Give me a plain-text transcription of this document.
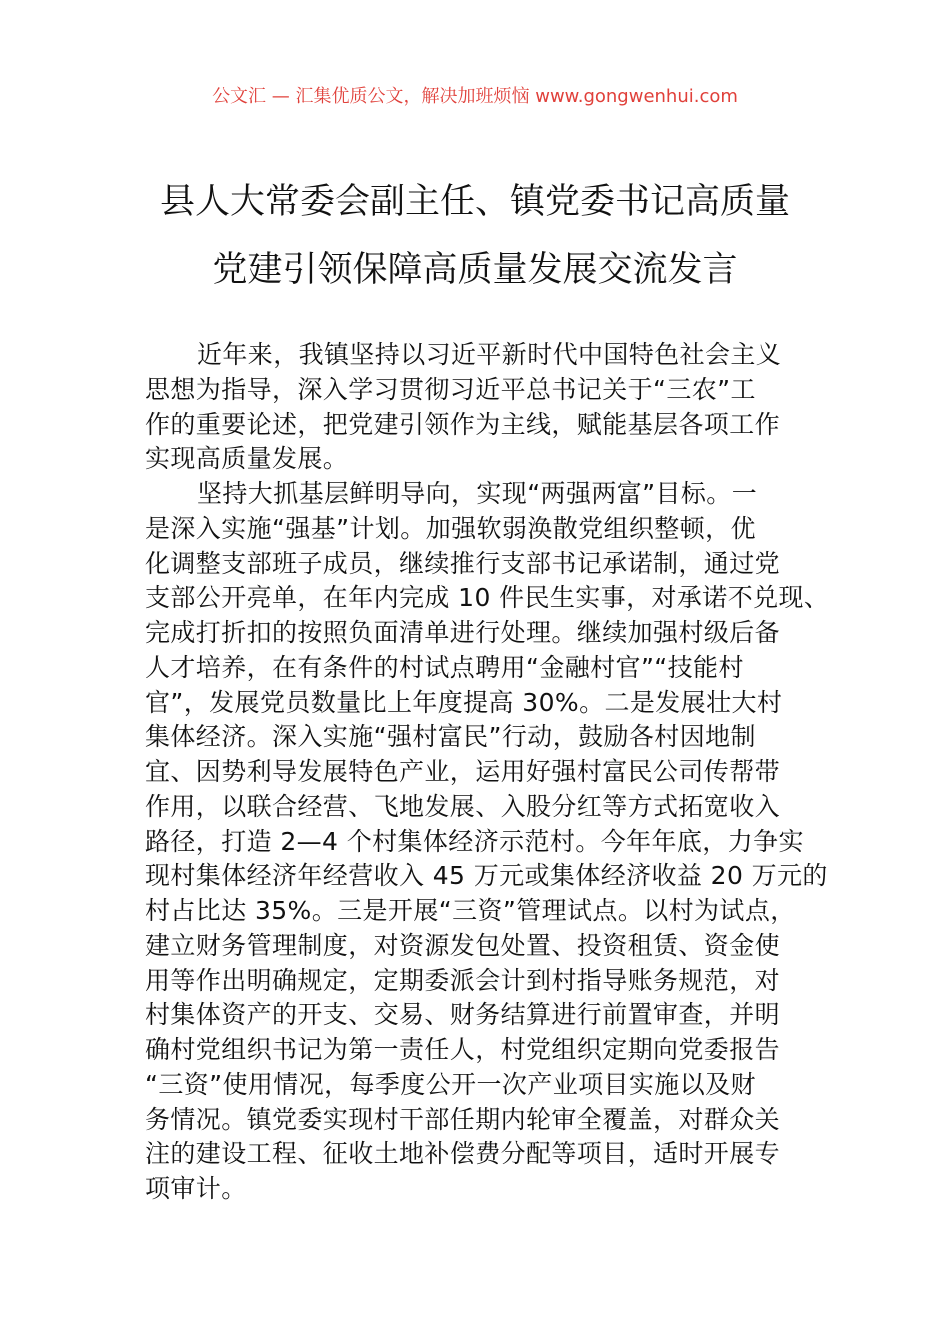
公文汇 — 汇集优质公文，解决加班烦恼 www.gongwenhui.com
县人大常委会副主任、镇党委书记高质量
党建引领保障高质量发展交流发言
近年来，我镇坚持以习近平新时代中国特色社会主义
思想为指导，深入学习贯彻习近平总书记关于“三农”工
作的重要论述，把党建引领作为主线，赋能基层各项工作
实现高质量发展。
坚持大抓基层鲜明导向，实现“两强两富”目标。一
是深入实施“强基”计划。加强软弱涣散党组织整顿，优
化调整支部班子成员，继续推行支部书记承诺制，通过党
支部公开亮单，在年内完成 10 件民生实事，对承诺不兑现、
完成打折扣的按照负面清单进行处理。继续加强村级后备
人才培养，在有条件的村试点聘用“金融村官”“技能村
官”，发展党员数量比上年度提高 30%。二是发展壮大村
集体经济。深入实施“强村富民”行动，鼓励各村因地制
宜、因势利导发展特色产业，运用好强村富民公司传帮带
作用，以联合经营、飞地发展、入股分红等方式拓宽收入
路径，打造 2—4 个村集体经济示范村。今年年底，力争实
现村集体经济年经营收入 45 万元或集体经济收益 20 万元的
村占比达 35%。三是开展“三资”管理试点。以村为试点，
建立财务管理制度，对资源发包处置、投资租赁、资金使
用等作出明确规定，定期委派会计到村指导账务规范，对
村集体资产的开支、交易、财务结算进行前置审查，并明
确村党组织书记为第一责任人，村党组织定期向党委报告
“三资”使用情况，每季度公开一次产业项目实施以及财
务情况。镇党委实现村干部任期内轮审全覆盖，对群众关
注的建设工程、征收土地补偿费分配等项目，适时开展专
项审计。
